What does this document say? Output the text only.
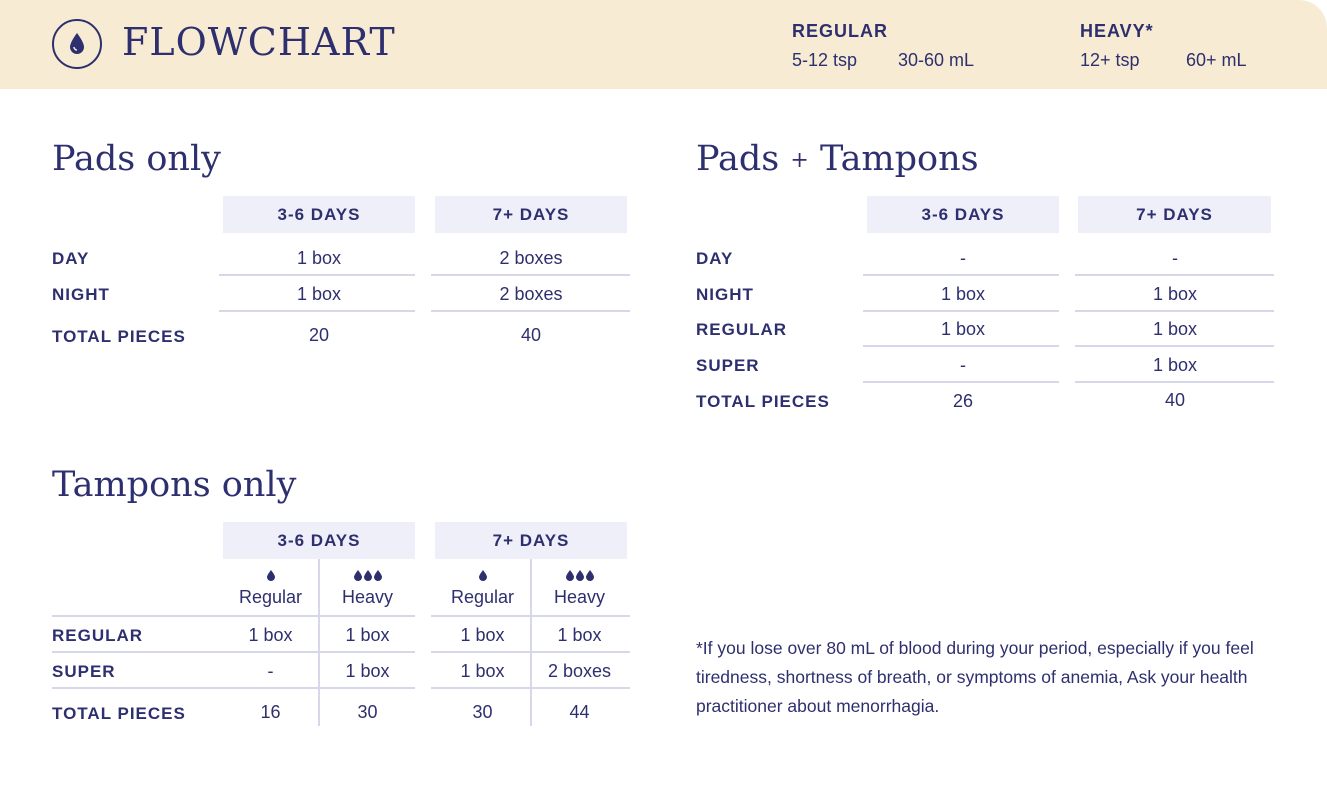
FLOWCHART	REGULAR
5-12 tsp 30-60 mL
HEAVY*
12+ tsp	60+ mL
Pads only
3-6 DAYS	7+ DAYS
DAY	1 box	2 boxes
NIGHT	1 box	2 boxes
TOTAL PIECES	20	40
Pads + Tampons
3-6 DAYS	7+ DAYS
DAY	-	-
NIGHT	1 box	1 box
REGULAR	1 box	1 box
SUPER	-	1 box
TOTAL PIECES	26	40
Tampons only
3-6 DAYS	7+ DAYS
Regular	Heavy	Regular	Heavy
REGULAR	1 box	1 box	1 box	1 box
SUPER	-	1 box	1 box	2 boxes
TOTAL PIECES	16	30	30	44
*If you lose over 80 mL of blood during your period, especially if you feel tiredness, shortness of breath, or symptoms of anemia, Ask your health practitioner about menorrhagia.
